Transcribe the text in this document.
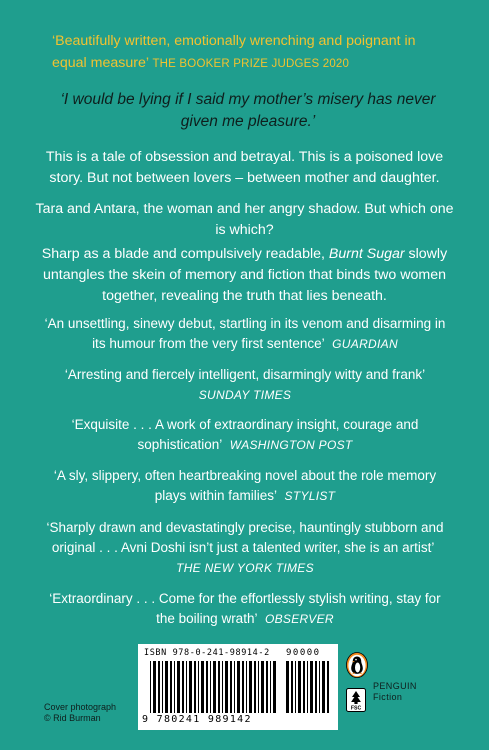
‘Beautifully written, emotionally wrenching and poignant in equal measure’ THE BOOKER PRIZE JUDGES 2020
‘I would be lying if I said my mother’s misery has never given me pleasure.’
This is a tale of obsession and betrayal. This is a poisoned love story. But not between lovers – between mother and daughter.
Tara and Antara, the woman and her angry shadow. But which one is which?
Sharp as a blade and compulsively readable, Burnt Sugar slowly untangles the skein of memory and fiction that binds two women together, revealing the truth that lies beneath.
‘An unsettling, sinewy debut, startling in its venom and disarming in its humour from the very first sentence’ GUARDIAN
‘Arresting and fiercely intelligent, disarmingly witty and frank’
SUNDAY TIMES
‘Exquisite . . . A work of extraordinary insight, courage and sophistication’ WASHINGTON POST
‘A sly, slippery, often heartbreaking novel about the role memory plays within families’ STYLIST
‘Sharply drawn and devastatingly precise, hauntingly stubborn and original . . . Avni Doshi isn’t just a talented writer, she is an artist’  THE NEW YORK TIMES
‘Extraordinary . . . Come for the effortlessly stylish writing, stay for the boiling wrath’ OBSERVER
ISBN 978-0-241-98914-2 90000
9 780241 989142
FSC
PENGUIN
Fiction
Cover photograph
© Rid Burman
